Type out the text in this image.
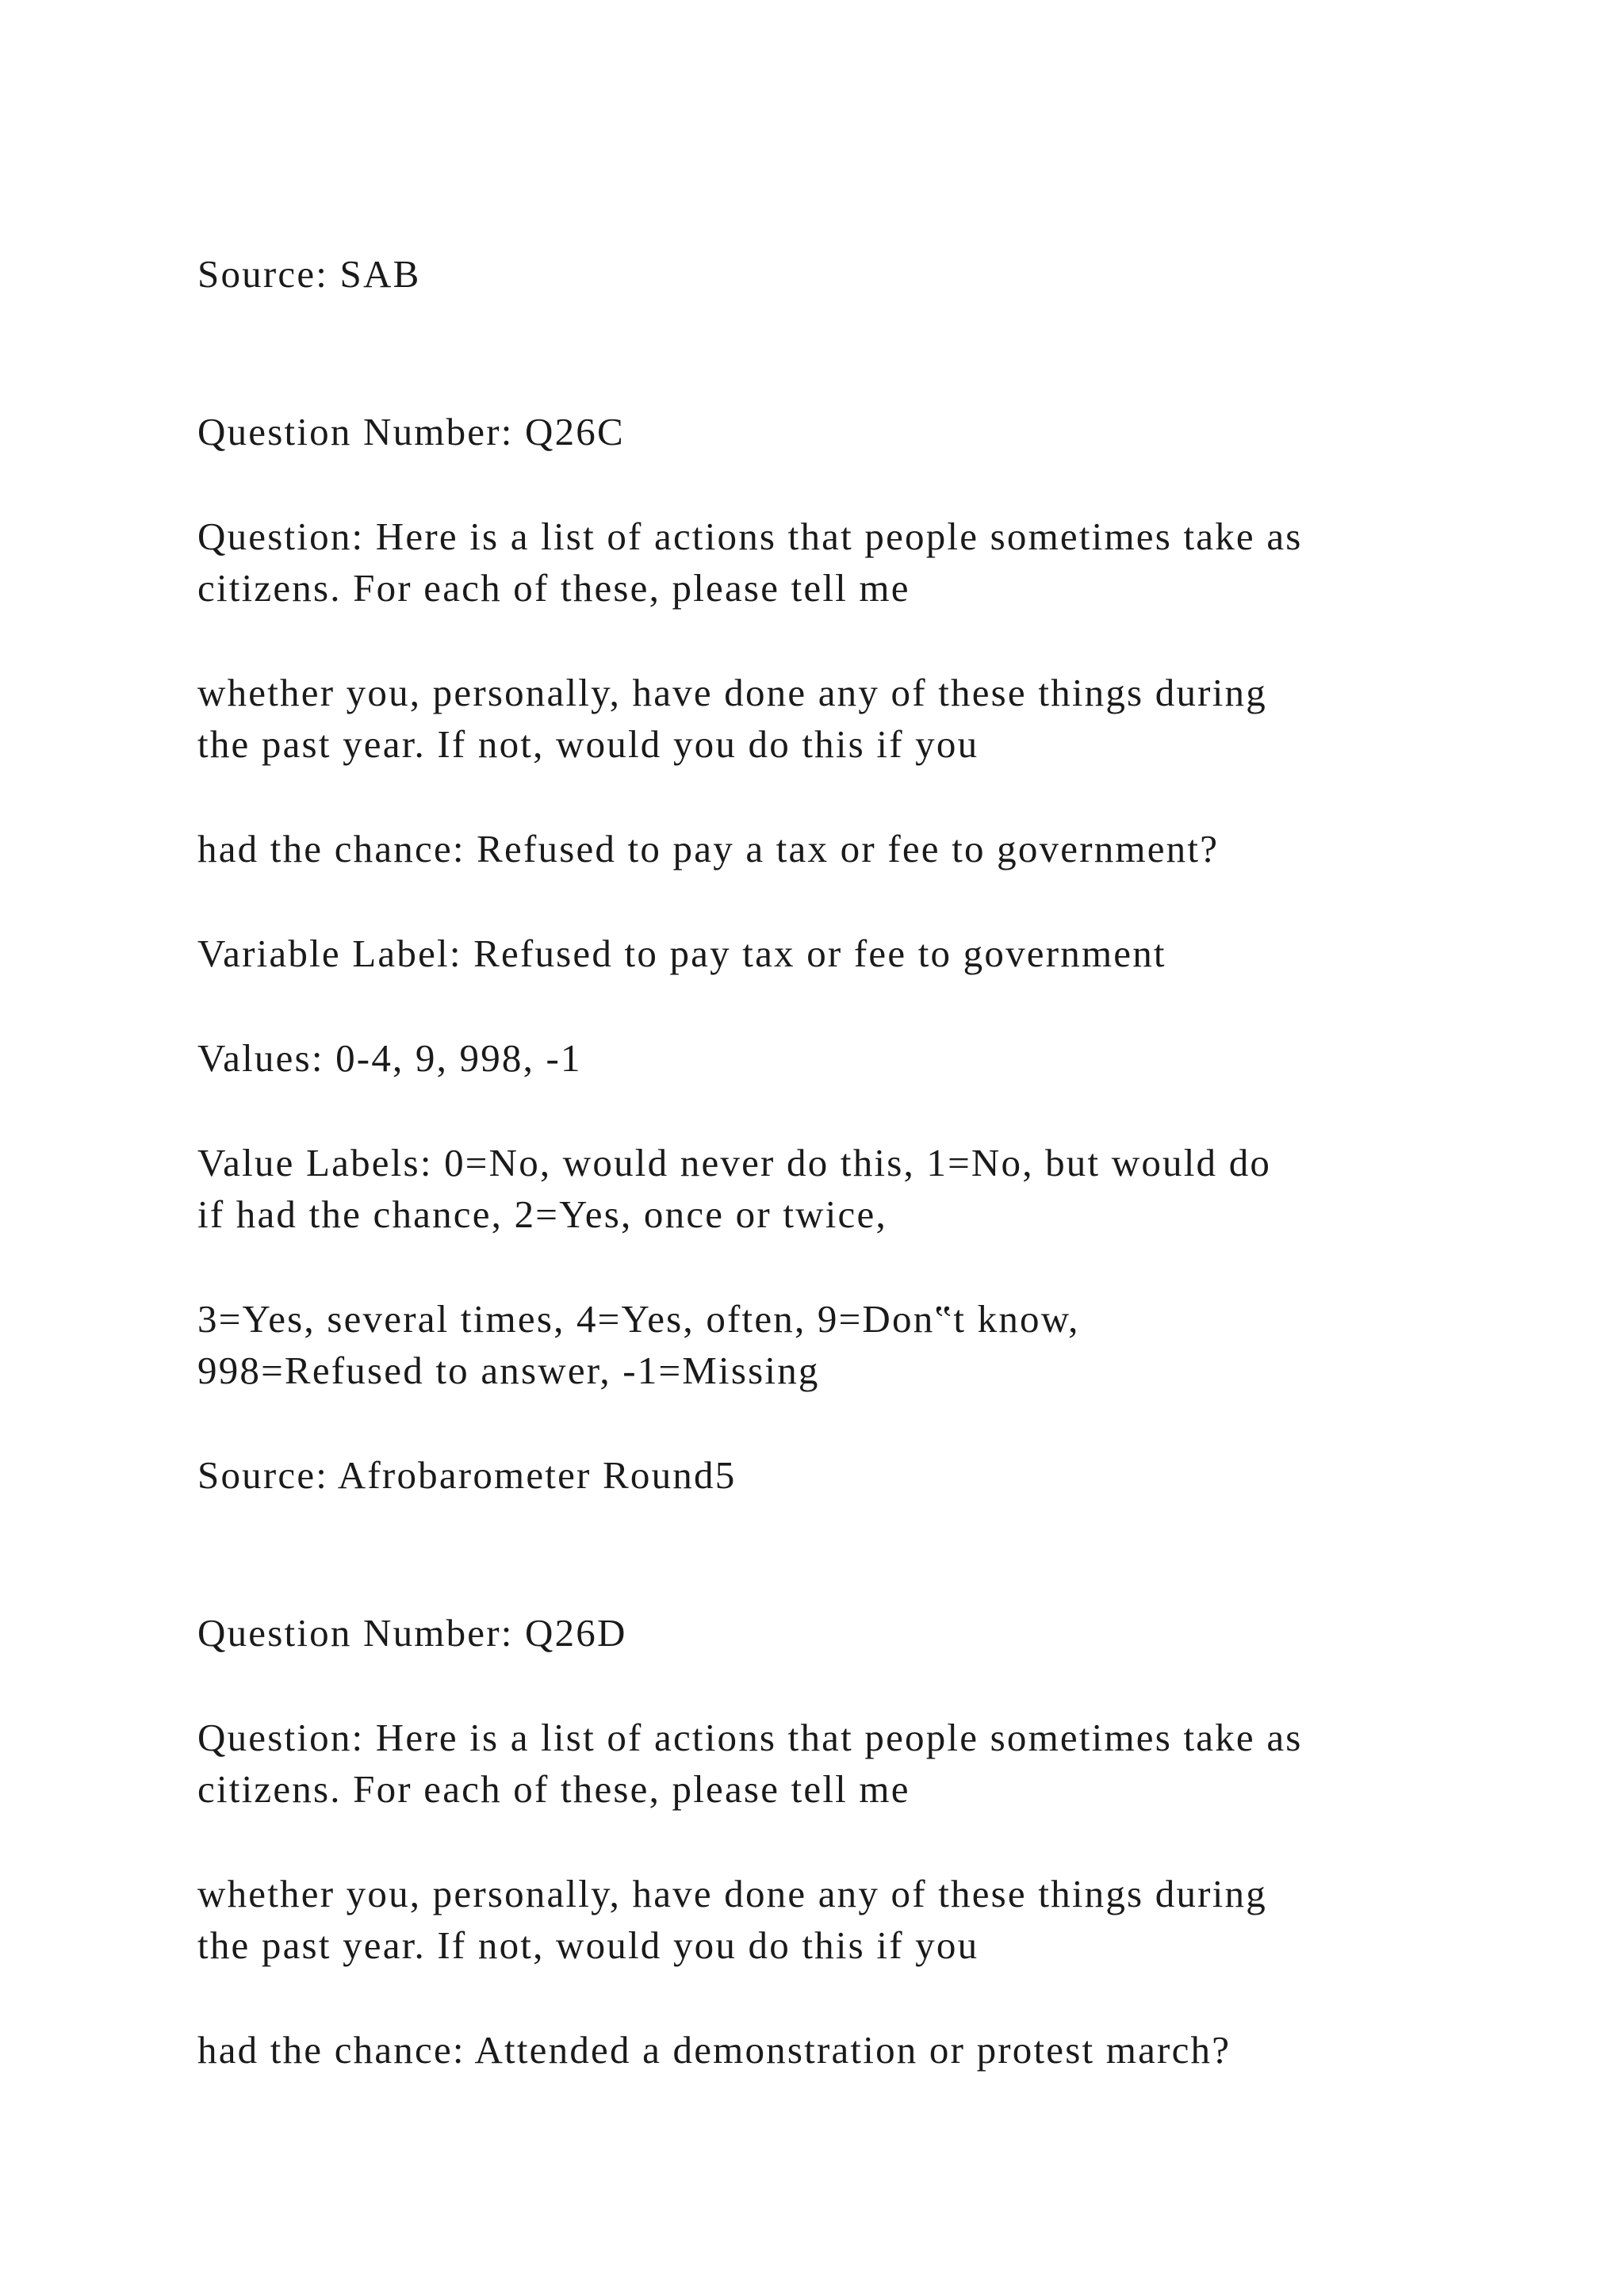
Source: SAB

Question Number: Q26C

Question: Here is a list of actions that people sometimes take as

citizens. For each of these, please tell me

whether you, personally, have done any of these things during

the past year. If not, would you do this if you

had the chance: Refused to pay a tax or fee to government?

Variable Label: Refused to pay tax or fee to government

Values: 0-4, 9, 998, -1

Value Labels: 0=No, would never do this, 1=No, but would do

if had the chance, 2=Yes, once or twice,

3=Yes, several times, 4=Yes, often, 9=Don‟t know,

998=Refused to answer, -1=Missing

Source: Afrobarometer Round5

Question Number: Q26D

Question: Here is a list of actions that people sometimes take as

citizens. For each of these, please tell me

whether you, personally, have done any of these things during

the past year. If not, would you do this if you

had the chance: Attended a demonstration or protest march?
